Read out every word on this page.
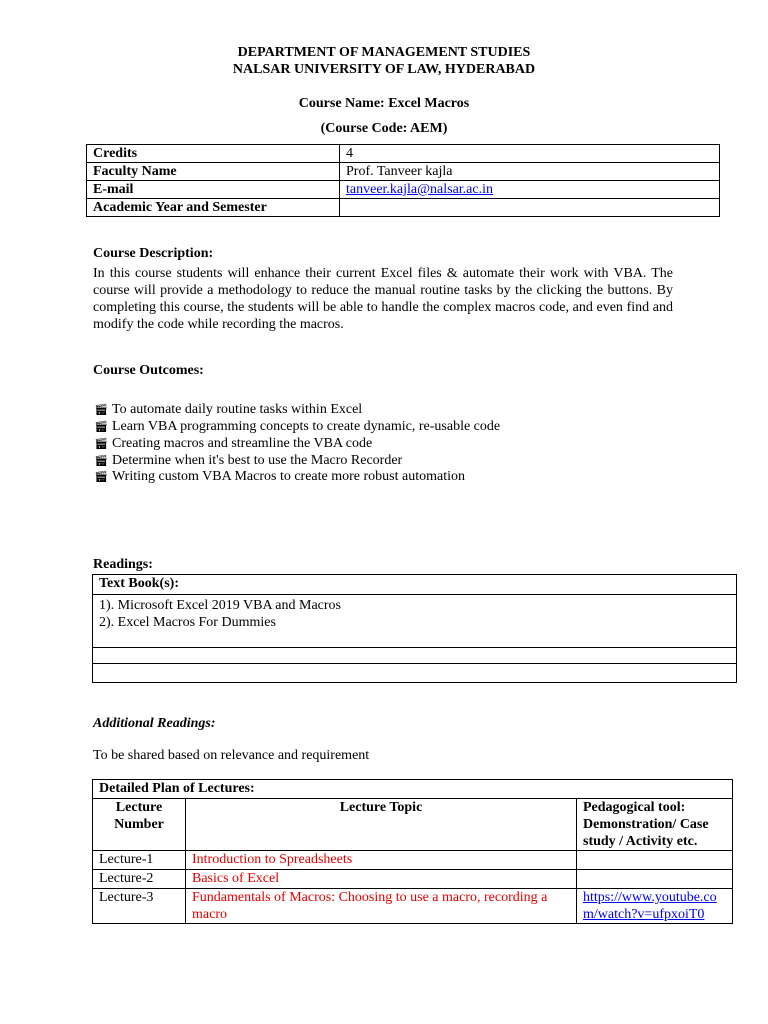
DEPARTMENT OF MANAGEMENT STUDIES
NALSAR UNIVERSITY OF LAW, HYDERABAD
Course Name: Excel Macros
(Course Code: AEM)
Credits	4
Faculty Name	Prof. Tanveer kajla
E-mail	tanveer.kajla@nalsar.ac.in
Academic Year and Semester	
Course Description:
In this course students will enhance their current Excel files & automate their work with VBA. The course will provide a methodology to reduce the manual routine tasks by the clicking the buttons. By completing this course, the students will be able to handle the complex macros code, and even find and modify the code while recording the macros.
Course Outcomes:
🎬︎ To automate daily routine tasks within Excel
🎬︎ Learn VBA programming concepts to create dynamic, re-usable code
🎬︎ Creating macros and streamline the VBA code
🎬︎ Determine when it's best to use the Macro Recorder
🎬︎ Writing custom VBA Macros to create more robust automation
Readings:
Text Book(s):

1). Microsoft Excel 2019 VBA and Macros
2). Excel Macros For Dummies

Additional Readings:
To be shared based on relevance and requirement
Detailed Plan of Lectures:		
Lecture Number	Lecture Topic	Pedagogical tool: Demonstration/ Case study / Activity etc.
Lecture-1	Introduction to Spreadsheets	
Lecture-2	Basics of Excel	
Lecture-3	Fundamentals of Macros: Choosing to use a macro, recording a macro	https://www.youtube.com/watch?v=ufpxoiT0
